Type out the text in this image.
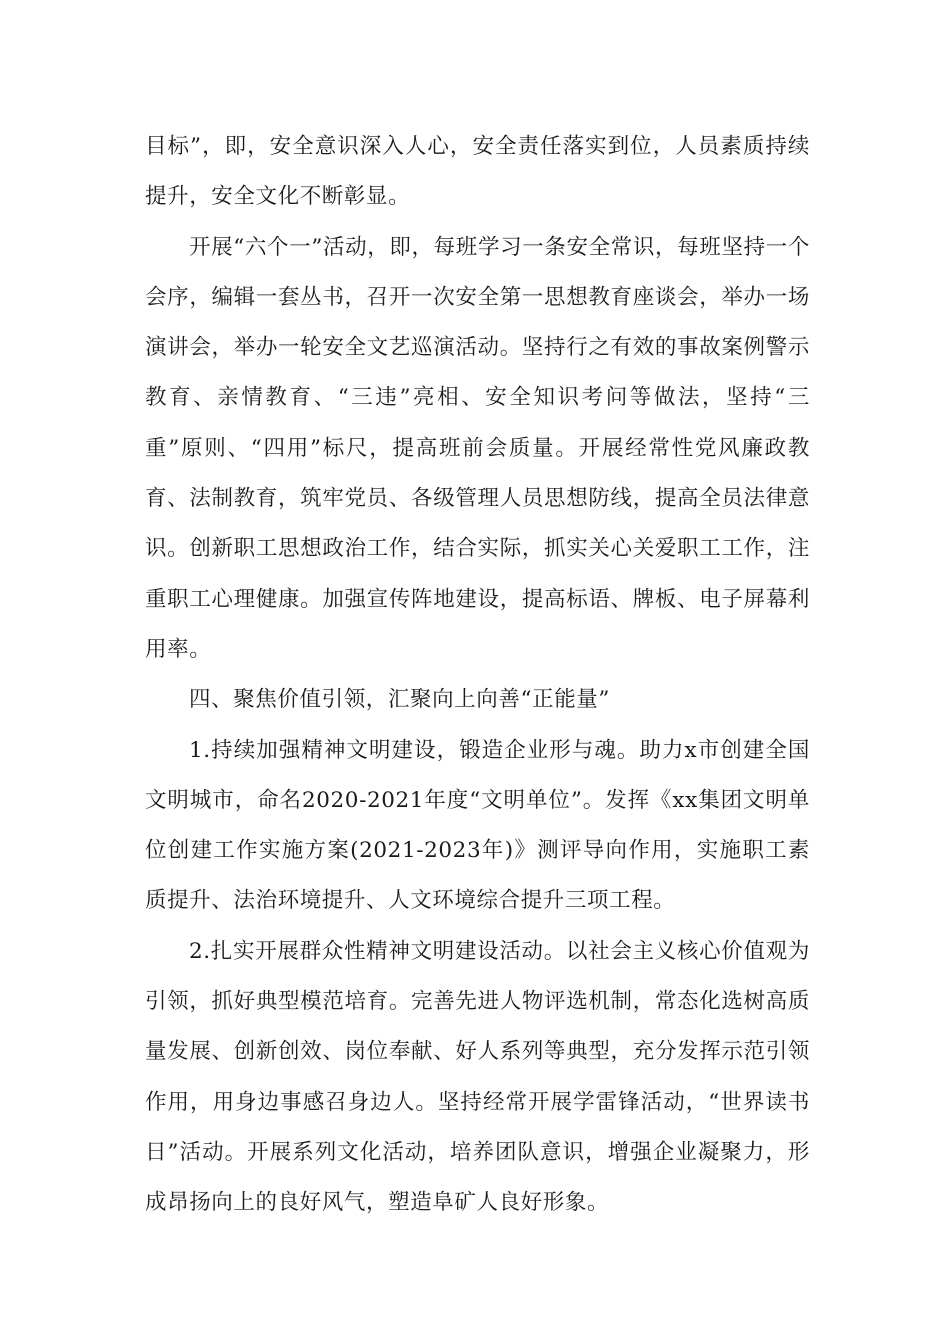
目标”，即，安全意识深入人心，安全责任落实到位，人员素质持续提升，安全文化不断彰显。

开展“六个一”活动，即，每班学习一条安全常识，每班坚持一个会序，编辑一套丛书，召开一次安全第一思想教育座谈会，举办一场演讲会，举办一轮安全文艺巡演活动。坚持行之有效的事故案例警示教育、亲情教育、“三违”亮相、安全知识考问等做法，坚持“三重”原则、“四用”标尺，提高班前会质量。开展经常性党风廉政教育、法制教育，筑牢党员、各级管理人员思想防线，提高全员法律意识。创新职工思想政治工作，结合实际，抓实关心关爱职工工作，注重职工心理健康。加强宣传阵地建设，提高标语、牌板、电子屏幕利用率。

四、聚焦价值引领，汇聚向上向善“正能量”

1.持续加强精神文明建设，锻造企业形与魂。助力x市创建全国文明城市，命名2020-2021年度“文明单位”。发挥《xx集团文明单位创建工作实施方案(2021-2023年)》测评导向作用，实施职工素质提升、法治环境提升、人文环境综合提升三项工程。

2.扎实开展群众性精神文明建设活动。以社会主义核心价值观为引领，抓好典型模范培育。完善先进人物评选机制，常态化选树高质量发展、创新创效、岗位奉献、好人系列等典型，充分发挥示范引领作用，用身边事感召身边人。坚持经常开展学雷锋活动，“世界读书日”活动。开展系列文化活动，培养团队意识，增强企业凝聚力，形成昂扬向上的良好风气，塑造阜矿人良好形象。
